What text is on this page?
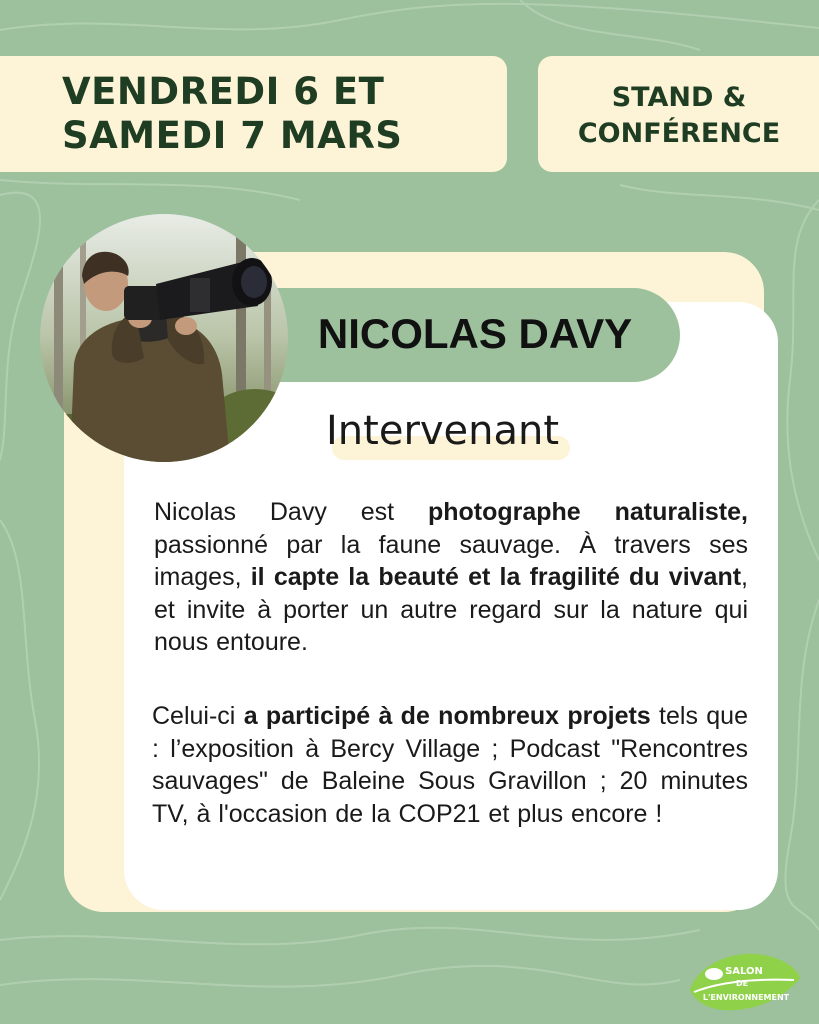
VENDREDI 6 ET
SAMEDI 7 MARS
STAND &
CONFÉRENCE
NICOLAS DAVY
Intervenant

Nicolas Davy est photographe naturaliste, passionné par la faune sauvage. À travers ses images, il capte la beauté et la fragilité du vivant, et invite à porter un autre regard sur la nature qui nous entoure.

Celui-ci a participé à de nombreux projets tels que : l’exposition à Bercy Village ; Podcast "Rencontres sauvages" de Baleine Sous Gravillon ; 20 minutes TV, à l'occasion de la COP21 et plus encore !

SALON
DE
L'ENVIRONNEMENT
